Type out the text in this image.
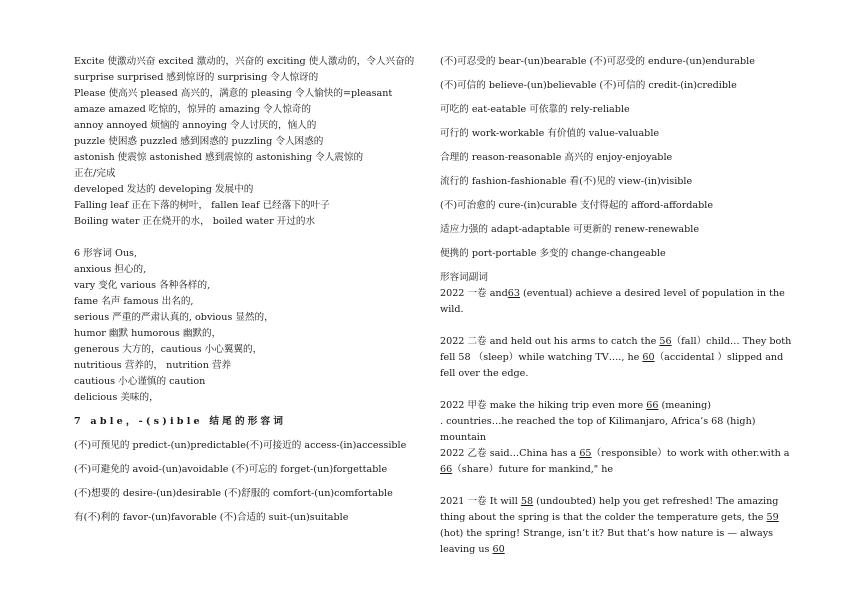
Excite 使激动兴奋 excited 激动的，兴奋的 exciting 使人激动的，令人兴奋的
surprise surprised 感到惊讶的 surprising 令人惊讶的
Please 使高兴 pleased 高兴的，满意的 pleasing 令人愉快的=pleasant
amaze amazed 吃惊的，惊异的 amazing 令人惊奇的
annoy annoyed 烦恼的 annoying 令人讨厌的，恼人的
puzzle 使困惑 puzzled 感到困惑的 puzzling 令人困惑的
astonish 使震惊 astonished 感到震惊的 astonishing 令人震惊的
正在/完成
developed 发达的 developing 发展中的
Falling leaf 正在下落的树叶， fallen leaf 已经落下的叶子
Boiling water 正在烧开的水， boiled water 开过的水
6 形容词 Ous,
anxious 担心的,
vary 变化 various 各种各样的,
fame 名声 famous 出名的,
serious 严重的严肃认真的, obvious 显然的，
humor 幽默 humorous 幽默的，
generous 大方的，cautious 小心翼翼的，
nutritious 营养的， nutrition 营养
cautious 小心谨慎的 caution
delicious 美味的，
7 able，-(s)ible 结尾的形容词
(不)可预见的 predict-(un)predictable(不)可接近的 access-(in)accessible
(不)可避免的 avoid-(un)avoidable (不)可忘的 forget-(un)forgettable
(不)想要的 desire-(un)desirable (不)舒服的 comfort-(un)comfortable
有(不)利的 favor-(un)favorable (不)合适的 suit-(un)suitable
(不)可忍受的 bear-(un)bearable (不)可忍受的 endure-(un)endurable
(不)可信的 believe-(un)believable (不)可信的 credit-(in)credible
可吃的 eat-eatable 可依靠的 rely-reliable
可行的 work-workable 有价值的 value-valuable
合理的 reason-reasonable 高兴的 enjoy-enjoyable
流行的 fashion-fashionable 看(不)见的 view-(in)visible
(不)可治愈的 cure-(in)curable 支付得起的 afford-affordable
适应力强的 adapt-adaptable 可更新的 renew-renewable
便携的 port-portable 多变的 change-changeable
形容词副词
2022 一卷 and63 (eventual) achieve a desired level of population in the wild.
2022 二卷 and held out his arms to catch the 56（fall）child… They both fell 58 （sleep）while watching TV…., he 60（accidental ）slipped and fell over the edge.
2022 甲卷 make the hiking trip even more 66 (meaning)
. countries…he reached the top of Kilimanjaro, Africa’s 68 (high) mountain
2022 乙卷 said…China has a 65（responsible）to work with other.with a 66（share）future for mankind," he
2021 一卷 It will 58 (undoubted) help you get refreshed! The amazing thing about the spring is that the colder the temperature gets, the 59 (hot) the spring! Strange, isn’t it? But that’s how nature is — always leaving us 60
